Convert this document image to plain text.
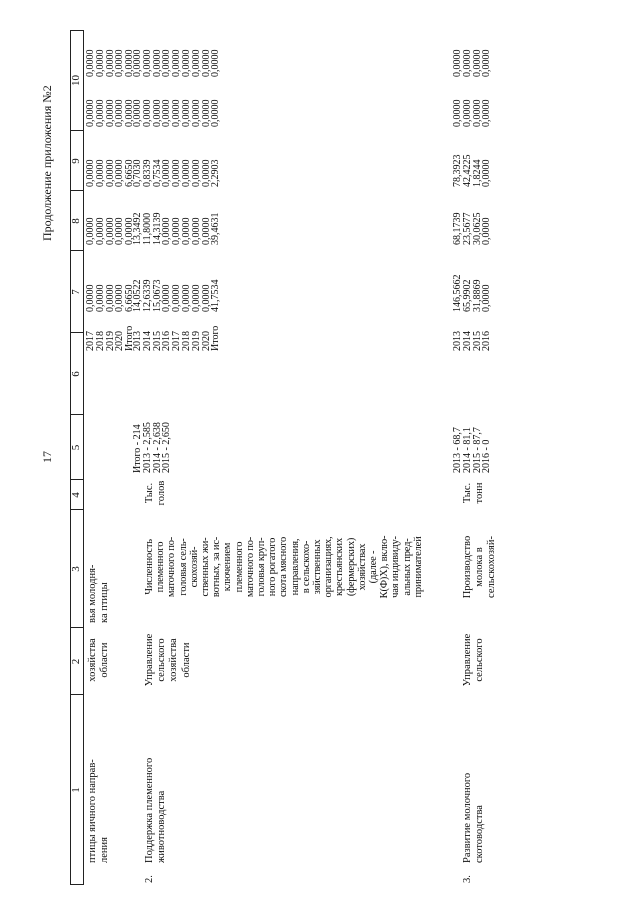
17
Продолжение приложения №2
1
2
3
4
5
6
7
8
9
10
птицы яичного направ-
ления
хозяйства
области
вья молодня-
ка птицы
2017
2018
2019
2020
Итого
0,0000
0,0000
0,0000
0,0000
6,6650
0,0000
0,0000
0,0000
0,0000
0,0000
0,0000
0,0000
0,0000
0,0000
6,6650
0,0000
0,0000
0,0000
0,0000
0,0000
0,0000
0,0000
0,0000
0,0000
0,0000
2.
Поддержка племенного
животноводства
Управление
сельского
хозяйства
области
Численность
племенного
маточного по-
головья сель-
скохозяй-
ственных жи-
вотных, за ис-
ключением
племенного
маточного по-
головья круп-
ного рогатого
скота мясного
направления,
в сельскохо-
зяйственных
организациях,
крестьянских
(фермерских)
хозяйствах
(далее -
К(Ф)Х), вклю-
чая индивиду-
альных пред-
принимателей
Тыс.
голов
Итого - 214
2013 - 2,585
2014 - 2,638
2015 - 2,650
2013
2014
2015
2016
2017
2018
2019
2020
Итого
14,0522
12,6339
15,0673
0,0000
0,0000
0,0000
0,0000
0,0000
41,7534
13,3492
11,8000
14,3139
0,0000
0,0000
0,0000
0,0000
0,0000
39,4631
0,7030
0,8339
0,7534
0,0000
0,0000
0,0000
0,0000
0,0000
2,2903
0,0000
0,0000
0,0000
0,0000
0,0000
0,0000
0,0000
0,0000
0,0000
0,0000
0,0000
0,0000
0,0000
0,0000
0,0000
0,0000
0,0000
0,0000
3.
Развитие молочного
скотоводства
Управление
сельского
Производство
молока в
сельскохозяй-
Тыс.
тонн
2013 - 68,7
2014 - 81,1
2015 - 87,7
2016 - 0
2013
2014
2015
2016
146,5662
65,9902
31,8869
0,0000
68,1739
23,5677
30,0625
0,0000
78,3923
42,4225
1,8244
0,0000
0,0000
0,0000
0,0000
0,0000
0,0000
0,0000
0,0000
0,0000
